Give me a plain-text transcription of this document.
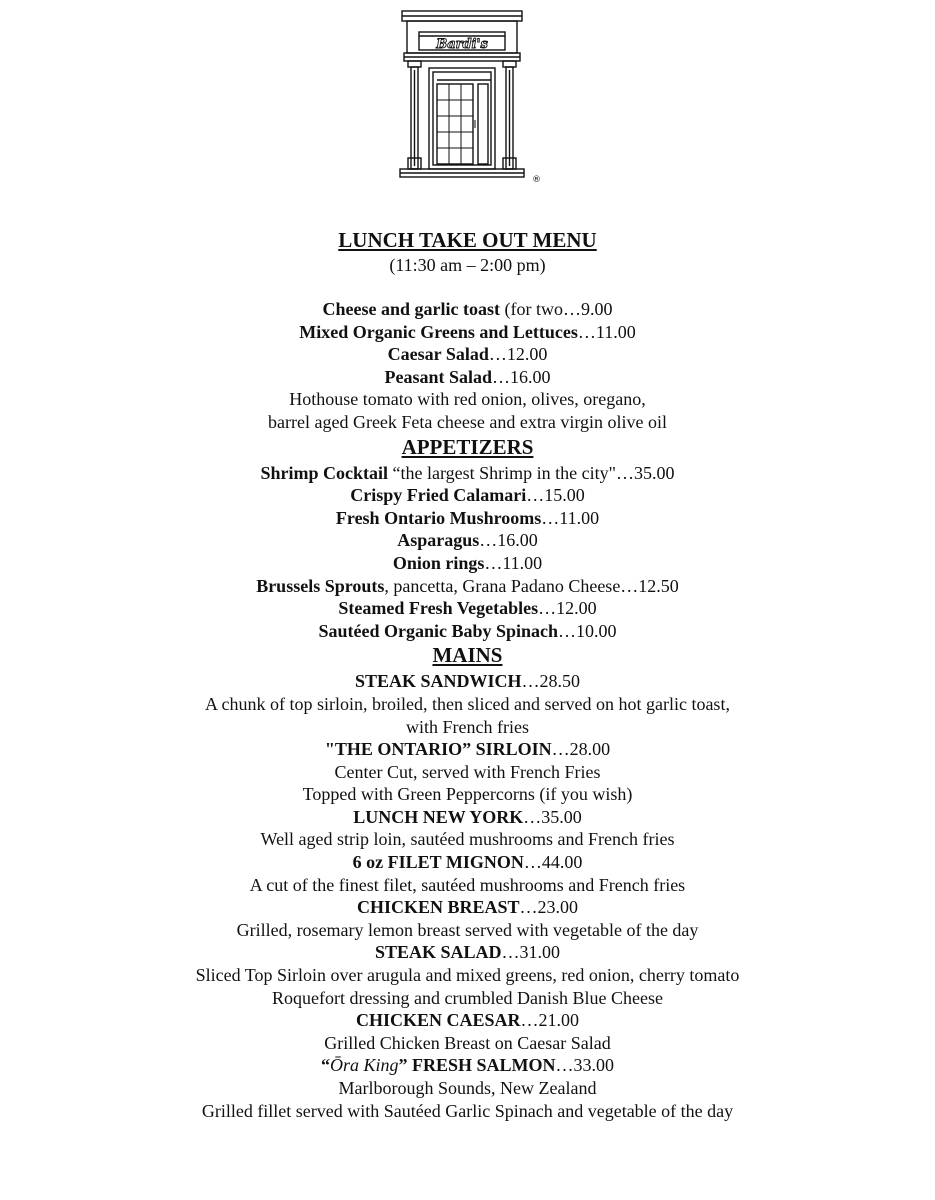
Bardi's
®
LUNCH TAKE OUT MENU
(11:30 am – 2:00 pm)
Cheese and garlic toast (for two…9.00
Mixed Organic Greens and Lettuces…11.00
Caesar Salad…12.00
Peasant Salad…16.00
Hothouse tomato with red onion, olives, oregano,
barrel aged Greek Feta cheese and extra virgin olive oil
APPETIZERS
Shrimp Cocktail “the largest Shrimp in the city"…35.00
Crispy Fried Calamari…15.00
Fresh Ontario Mushrooms…11.00
Asparagus…16.00
Onion rings…11.00
Brussels Sprouts, pancetta, Grana Padano Cheese…12.50
Steamed Fresh Vegetables…12.00
Sautéed Organic Baby Spinach…10.00
MAINS
STEAK SANDWICH…28.50
A chunk of top sirloin, broiled, then sliced and served on hot garlic toast,
with French fries
"THE ONTARIO” SIRLOIN…28.00
Center Cut, served with French Fries
Topped with Green Peppercorns (if you wish)
LUNCH NEW YORK…35.00
Well aged strip loin, sautéed mushrooms and French fries
6 oz FILET MIGNON…44.00
A cut of the finest filet, sautéed mushrooms and French fries
CHICKEN BREAST…23.00
Grilled, rosemary lemon breast served with vegetable of the day
STEAK SALAD…31.00
Sliced Top Sirloin over arugula and mixed greens, red onion, cherry tomato
Roquefort dressing and crumbled Danish Blue Cheese
CHICKEN CAESAR…21.00
Grilled Chicken Breast on Caesar Salad
“Ōra King” FRESH SALMON…33.00
Marlborough Sounds, New Zealand
Grilled fillet served with Sautéed Garlic Spinach and vegetable of the day
